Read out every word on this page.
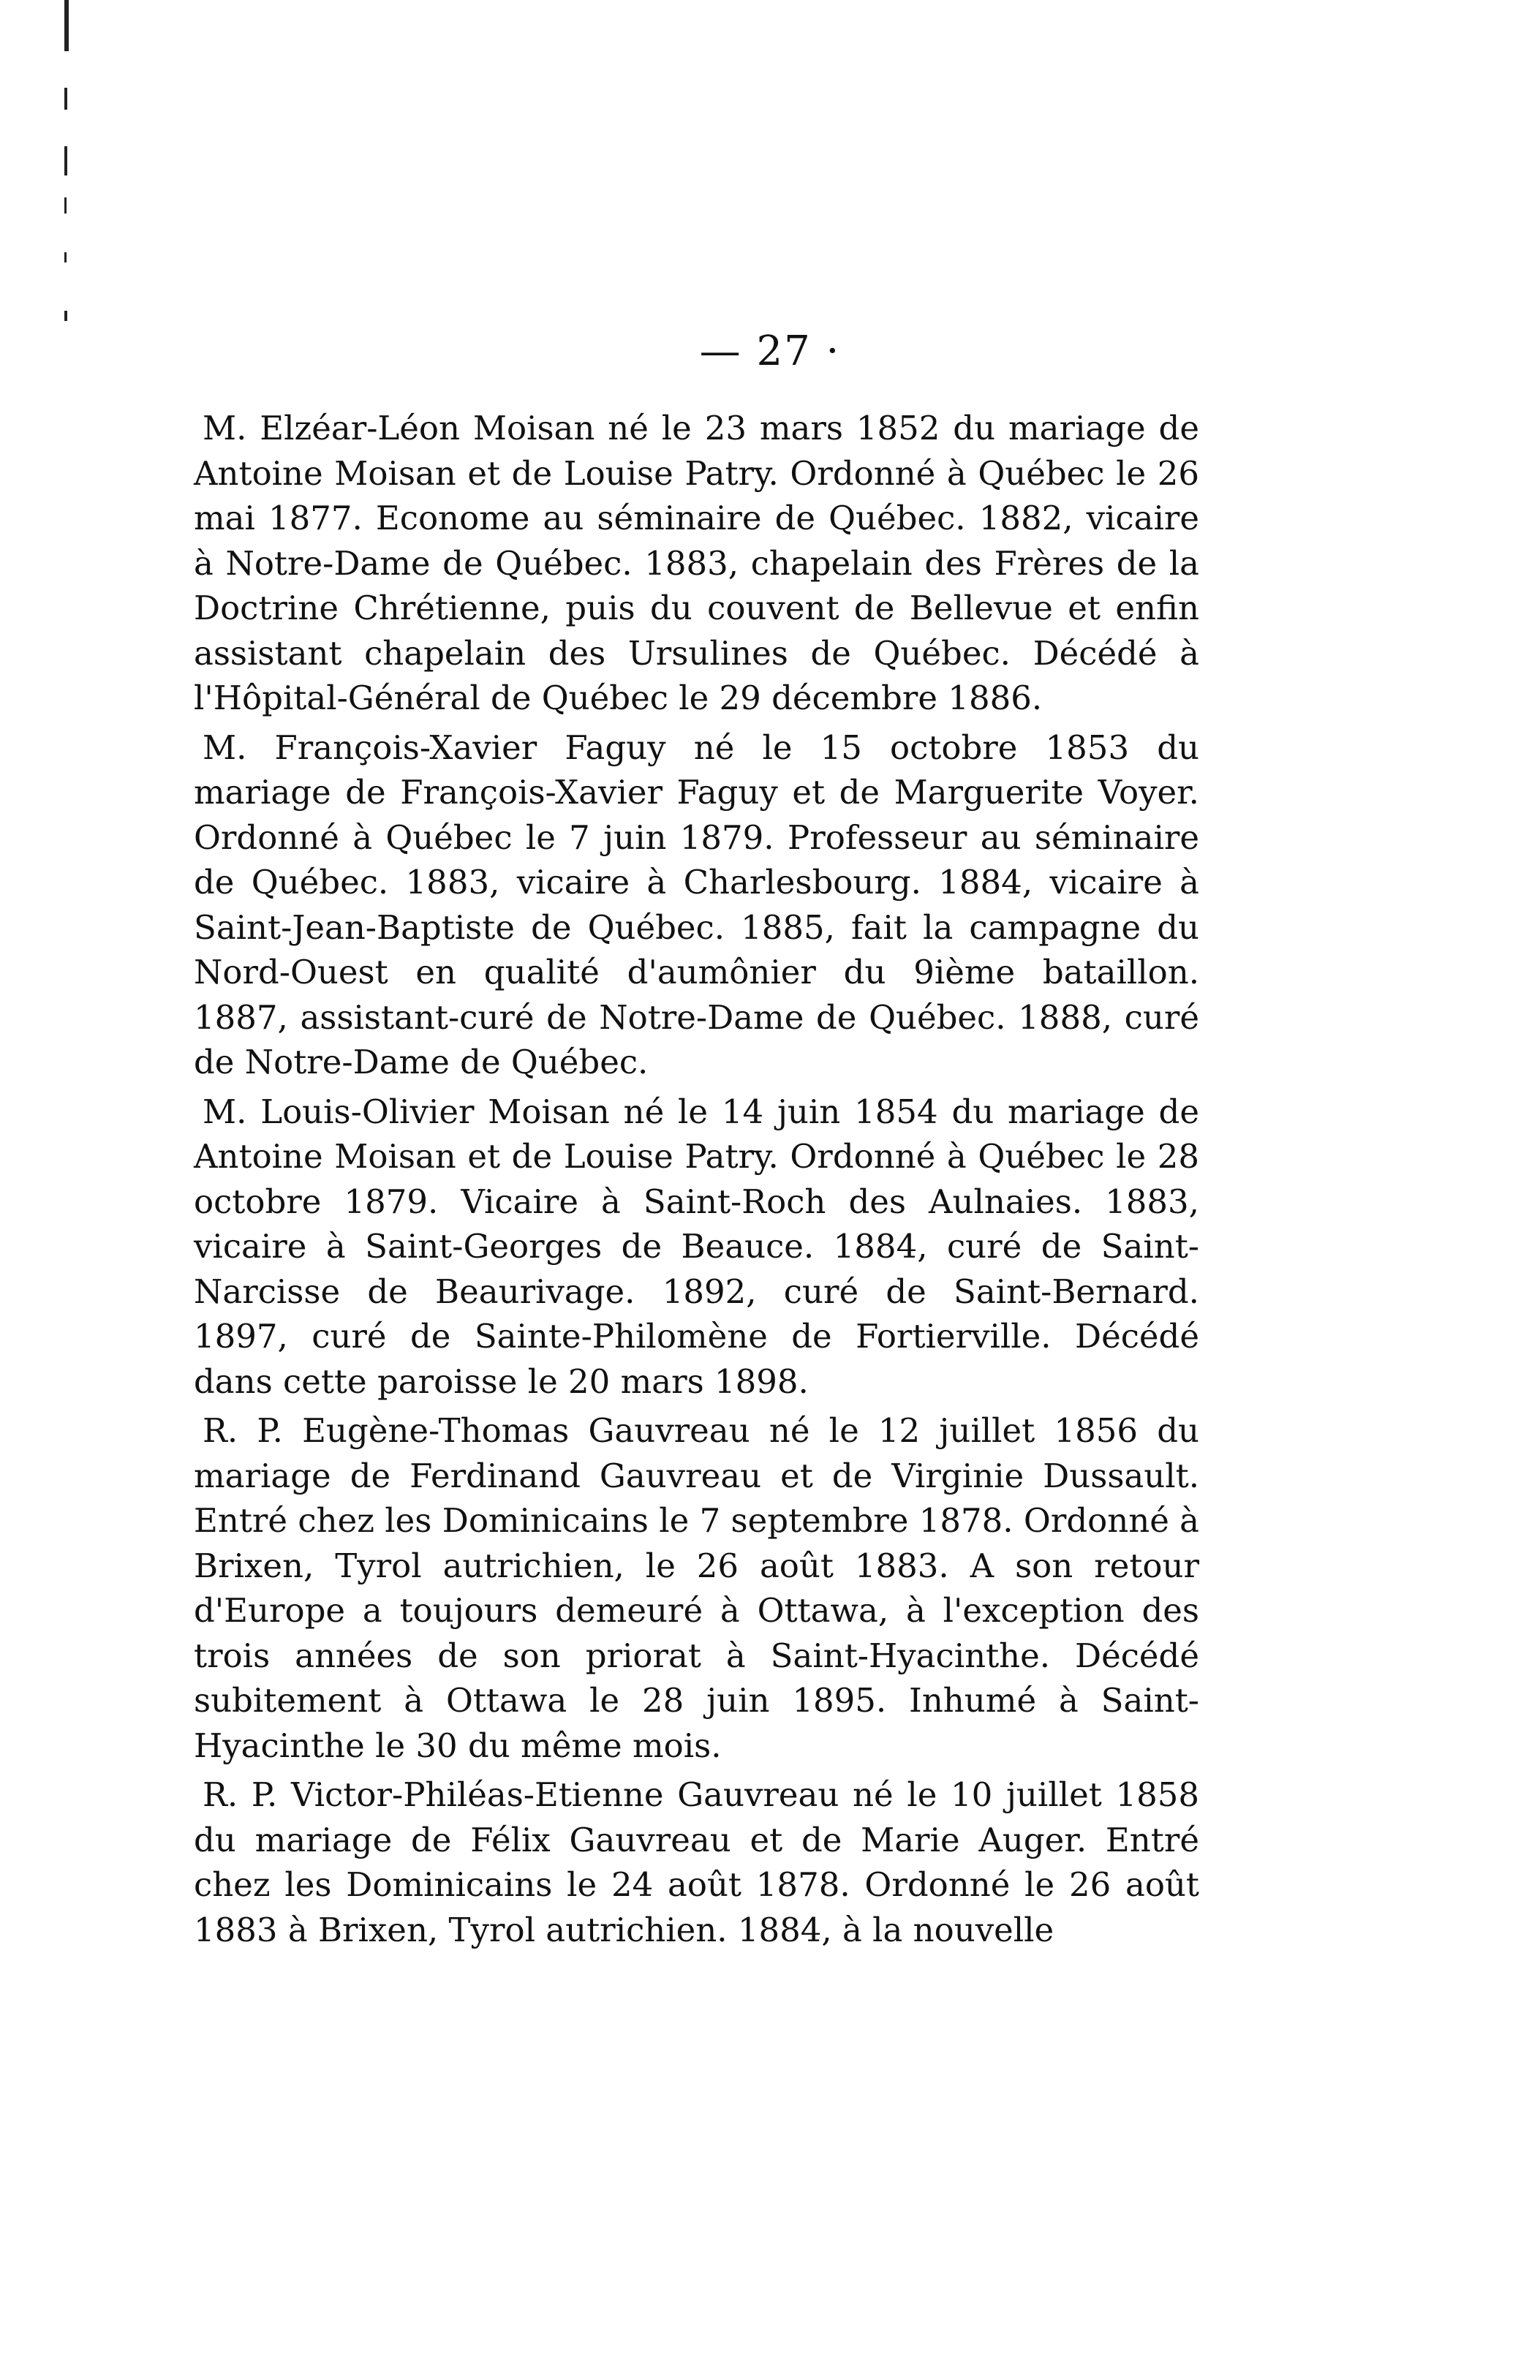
— 27 ·

M. Elzéar-Léon Moisan né le 23 mars 1852 du mariage de Antoine Moisan et de Louise Patry. Ordonné à Québec le 26 mai 1877. Econome au séminaire de Québec. 1882, vicaire à Notre-Dame de Québec. 1883, chapelain des Frères de la Doctrine Chrétienne, puis du couvent de Bellevue et enfin assistant chapelain des Ursulines de Québec. Décédé à l'Hôpital-Général de Québec le 29 décembre 1886.

M. François-Xavier Faguy né le 15 octobre 1853 du mariage de François-Xavier Faguy et de Marguerite Voyer. Ordonné à Québec le 7 juin 1879. Professeur au séminaire de Québec. 1883, vicaire à Charlesbourg. 1884, vicaire à Saint-Jean-Baptiste de Québec. 1885, fait la campagne du Nord-Ouest en qualité d'aumônier du 9ième bataillon. 1887, assistant-curé de Notre-Dame de Québec. 1888, curé de Notre-Dame de Québec.

M. Louis-Olivier Moisan né le 14 juin 1854 du mariage de Antoine Moisan et de Louise Patry. Ordonné à Québec le 28 octobre 1879. Vicaire à Saint-Roch des Aulnaies. 1883, vicaire à Saint-Georges de Beauce. 1884, curé de Saint-Narcisse de Beaurivage. 1892, curé de Saint-Bernard. 1897, curé de Sainte-Philomène de Fortierville. Décédé dans cette paroisse le 20 mars 1898.

R. P. Eugène-Thomas Gauvreau né le 12 juillet 1856 du mariage de Ferdinand Gauvreau et de Virginie Dussault. Entré chez les Dominicains le 7 septembre 1878. Ordonné à Brixen, Tyrol autrichien, le 26 août 1883. A son retour d'Europe a toujours demeuré à Ottawa, à l'exception des trois années de son priorat à Saint-Hyacinthe. Décédé subitement à Ottawa le 28 juin 1895. Inhumé à Saint-Hyacinthe le 30 du même mois.

R. P. Victor-Philéas-Etienne Gauvreau né le 10 juillet 1858 du mariage de Félix Gauvreau et de Marie Auger. Entré chez les Dominicains le 24 août 1878. Ordonné le 26 août 1883 à Brixen, Tyrol autrichien. 1884, à la nouvelle
